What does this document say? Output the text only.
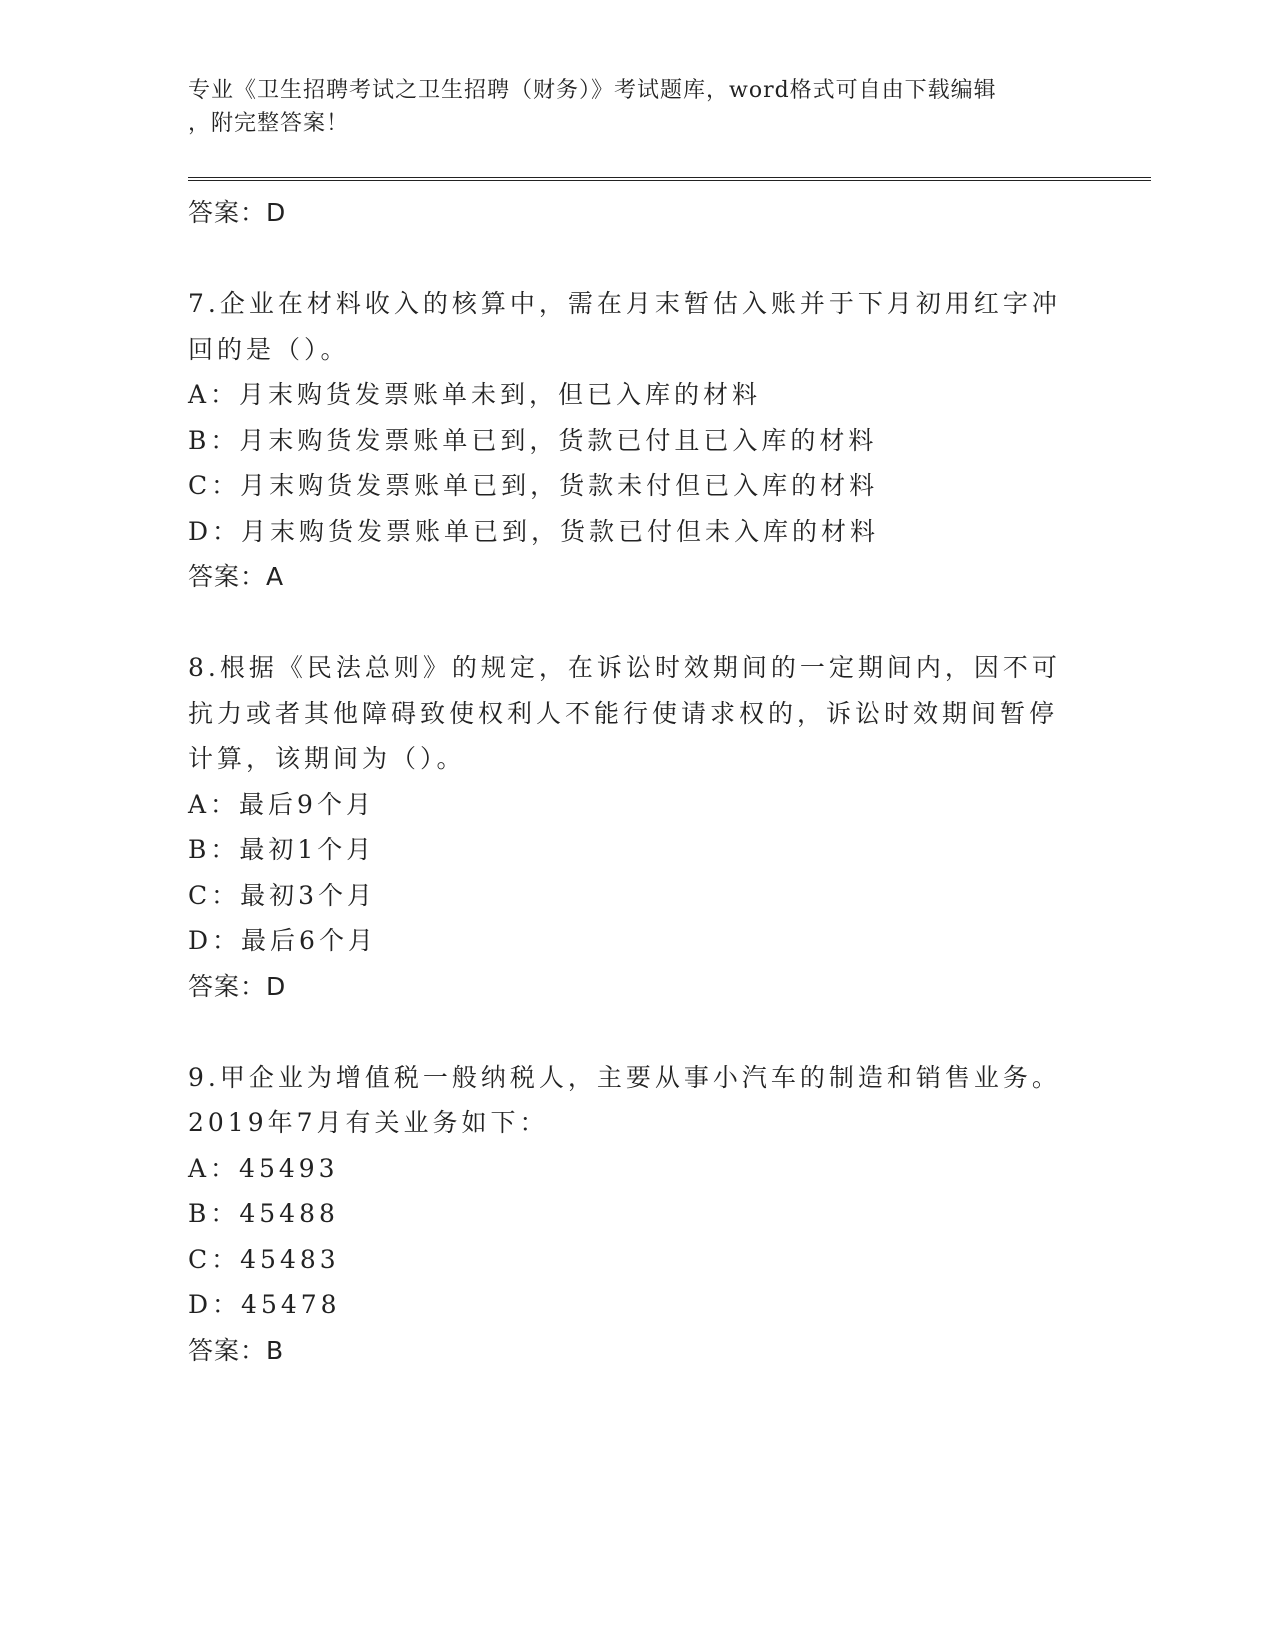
专业《卫生招聘考试之卫生招聘（财务）》考试题库，word格式可自由下载编辑
，附完整答案！
答案：D
7.企业在材料收入的核算中，需在月末暂估入账并于下月初用红字冲
回的是（）。
A：月末购货发票账单未到，但已入库的材料
B：月末购货发票账单已到，货款已付且已入库的材料
C：月末购货发票账单已到，货款未付但已入库的材料
D：月末购货发票账单已到，货款已付但未入库的材料
答案：A
8.根据《民法总则》的规定，在诉讼时效期间的一定期间内，因不可
抗力或者其他障碍致使权利人不能行使请求权的，诉讼时效期间暂停
计算，该期间为（）。
A：最后9个月
B：最初1个月
C：最初3个月
D：最后6个月
答案：D
9.甲企业为增值税一般纳税人，主要从事小汽车的制造和销售业务。
2019年7月有关业务如下：
A：45493
B：45488
C：45483
D：45478
答案：B
